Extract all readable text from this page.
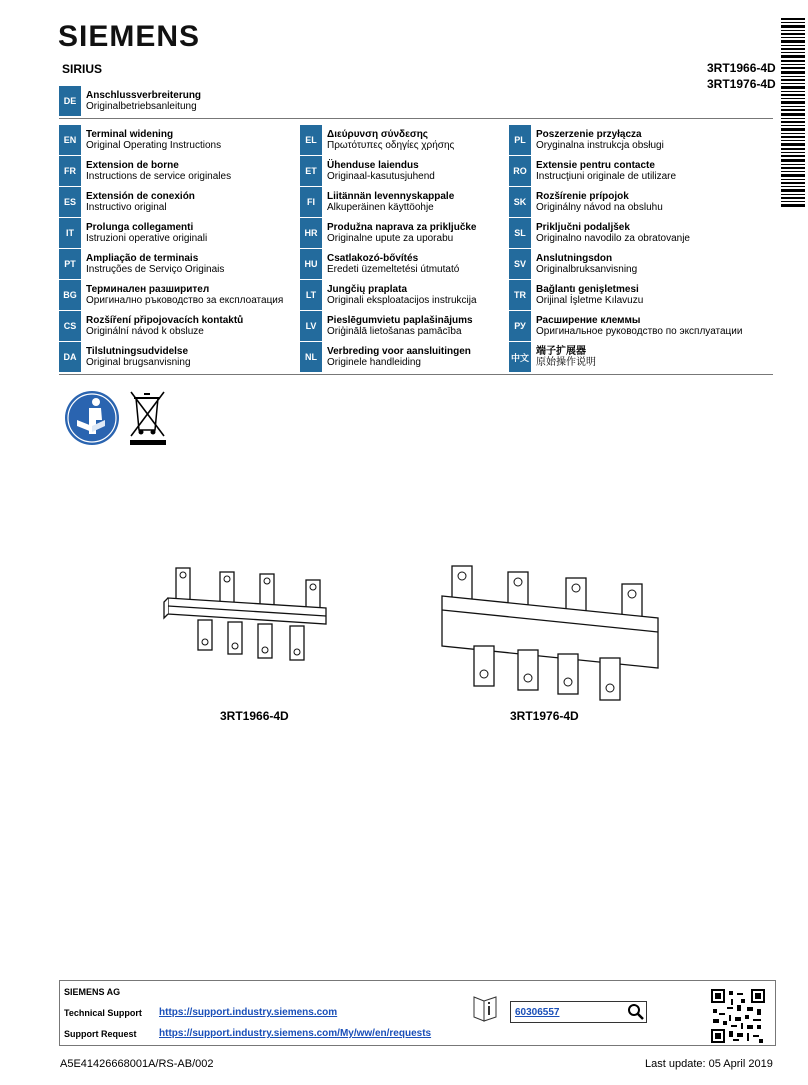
SIEMENS
SIRIUS	3RT1966-4D
3RT1976-4D
DE Anschlussverbreiterung
Originalbetriebsanleitung
EN Terminal widening
Original Operating Instructions
FR	Extension de borne
Instructions de service originales
ES	Extensión de conexión
Instructivo original
IT	Prolunga collegamenti
Istruzioni operative originali
PT	Ampliação de terminais
Instruções de Serviço Originais
BG Терминален разширител
Оригинално ръководство за експлоатация
CS Rozšíření připojovacích kontaktů
Originální návod k obsluze
DA Tilslutningsudvidelse
Original brugsanvisning
EL	Διεύρυνση σύνδεσης
Πρωτότυπες οδηγίες χρήσης
ET	Ühenduse laiendus
Originaal-kasutusjuhend
FI	Liitännän levennyskappale
Alkuperäinen käyttöohje
HR Produžna naprava za priključke
Originalne upute za uporabu
HU Csatlakozó-bővítés
Eredeti üzemeltetési útmutató
LT	Jungčių praplata
Originali eksploatacijos instrukcija
LV	Pieslēgumvietu paplašinājums
Oriģinālā lietošanas pamācība
NL	Verbreding voor aansluitingen
Originele handleiding
PL	Poszerzenie przyłącza
Oryginalna instrukcja obsługi
RO Extensie pentru contacte
Instrucţiuni originale de utilizare
SK Rozšírenie prípojok
Originálny návod na obsluhu
SL	Priključni podaljšek
Originalno navodilo za obratovanje
SV	Anslutningsdon
Originalbruksanvisning
TR	Bağlantı genişletmesi
Orijinal İşletme Kılavuzu
РУ	Расширение клеммы
Оригинальное руководство по эксплуатации
中文
端子扩展器
原始操作说明
3RT1966-4D	3RT1976-4D
SIEMENS AG
Technical Support https://support.industry.siemens.com
Support Request https://support.industry.siemens.com/My/ww/en/requests
60306557
A5E41426668001A/RS-AB/002	Last update: 05 April 2019
